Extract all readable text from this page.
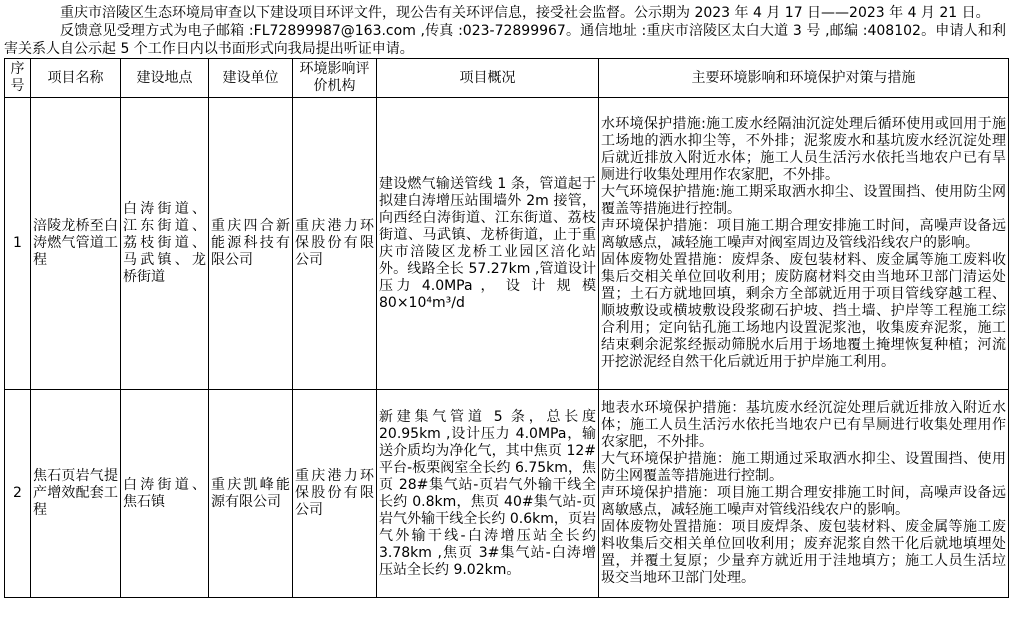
重庆市涪陵区生态环境局审查以下建设项目环评文件，现公告有关环评信息，接受社会监督。公示期为 2023 年 4 月 17 日——2023 年 4 月 21 日。

反馈意见受理方式为电子邮箱 :FL72899987@163.com ,传真 :023-72899967。通信地址 :重庆市涪陵区太白大道 3 号 ,邮编 :408102。申请人和利害关系人自公示起 5 个工作日内以书面形式向我局提出听证申请。

序号	项目名称	建设地点	建设单位	环境影响评价机构	项目概况	主要环境影响和环境保护对策与措施
1	涪陵龙桥至白涛燃气管道工程	白涛街道、江东街道、荔枝街道、马武镇、龙桥街道	重庆四合新能源科技有限公司	重庆港力环保股份有限公司	建设燃气输送管线 1 条，管道起于拟建白涛增压站围墙外 2m 接管，向西经白涛街道、江东街道、荔枝街道、马武镇、龙桥街道，止于重庆市涪陵区龙桥工业园区涪化站外。线路全长 57.27km ,管道设计压力 4.0MPa ， 设 计 规 模 80×10⁴m³/d	水环境保护措施:施工废水经隔油沉淀处理后循环使用或回用于施工场地的洒水抑尘等，不外排；泥浆废水和基坑废水经沉淀处理后就近排放入附近水体；施工人员生活污水依托当地农户已有旱厕进行收集处理用作农家肥，不外排。
大气环境保护措施:施工期采取洒水抑尘、设置围挡、使用防尘网覆盖等措施进行控制。
声环境保护措施：项目施工期合理安排施工时间，高噪声设备远离敏感点，减轻施工噪声对阀室周边及管线沿线农户的影响。
固体废物处置措施：废焊条、废包装材料、废金属等施工废料收集后交相关单位回收利用；废防腐材料交由当地环卫部门清运处置；土石方就地回填，剩余方全部就近用于项目管线穿越工程、顺坡敷设或横坡敷设段浆砌石护坡、挡土墙、护岸等工程施工综合利用；定向钻孔施工场地内设置泥浆池，收集废弃泥浆，施工结束剩余泥浆经振动筛脱水后用于场地覆土掩埋恢复种植；河流开挖淤泥经自然干化后就近用于护岸施工利用。

2	焦石页岩气提产增效配套工程	白涛街道、焦石镇	重庆凯峰能源有限公司	重庆港力环保股份有限公司	新建集气管道 5 条，总长度 20.95km ,设计压力 4.0MPa，输送介质均为净化气，其中焦页 12#平台-板栗阀室全长约 6.75km，焦页 28#集气站-页岩气外输干线全长约 0.8km，焦页 40#集气站-页岩气外输干线全长约 0.6km，页岩气外输干线-白涛增压站全长约 3.78km ,焦页 3#集气站-白涛增压站全长约 9.02km。	地表水环境保护措施：基坑废水经沉淀处理后就近排放入附近水体；施工人员生活污水依托当地农户已有旱厕进行收集处理用作农家肥，不外排。
大气环境保护措施：施工期通过采取洒水抑尘、设置围挡、使用防尘网覆盖等措施进行控制。
声环境保护措施：项目施工期合理安排施工时间，高噪声设备远离敏感点，减轻施工噪声对管线沿线农户的影响。
固体废物处置措施：项目废焊条、废包装材料、废金属等施工废料收集后交相关单位回收利用；废弃泥浆自然干化后就地填埋处置，并覆土复原；少量弃方就近用于洼地填方；施工人员生活垃圾交当地环卫部门处理。
